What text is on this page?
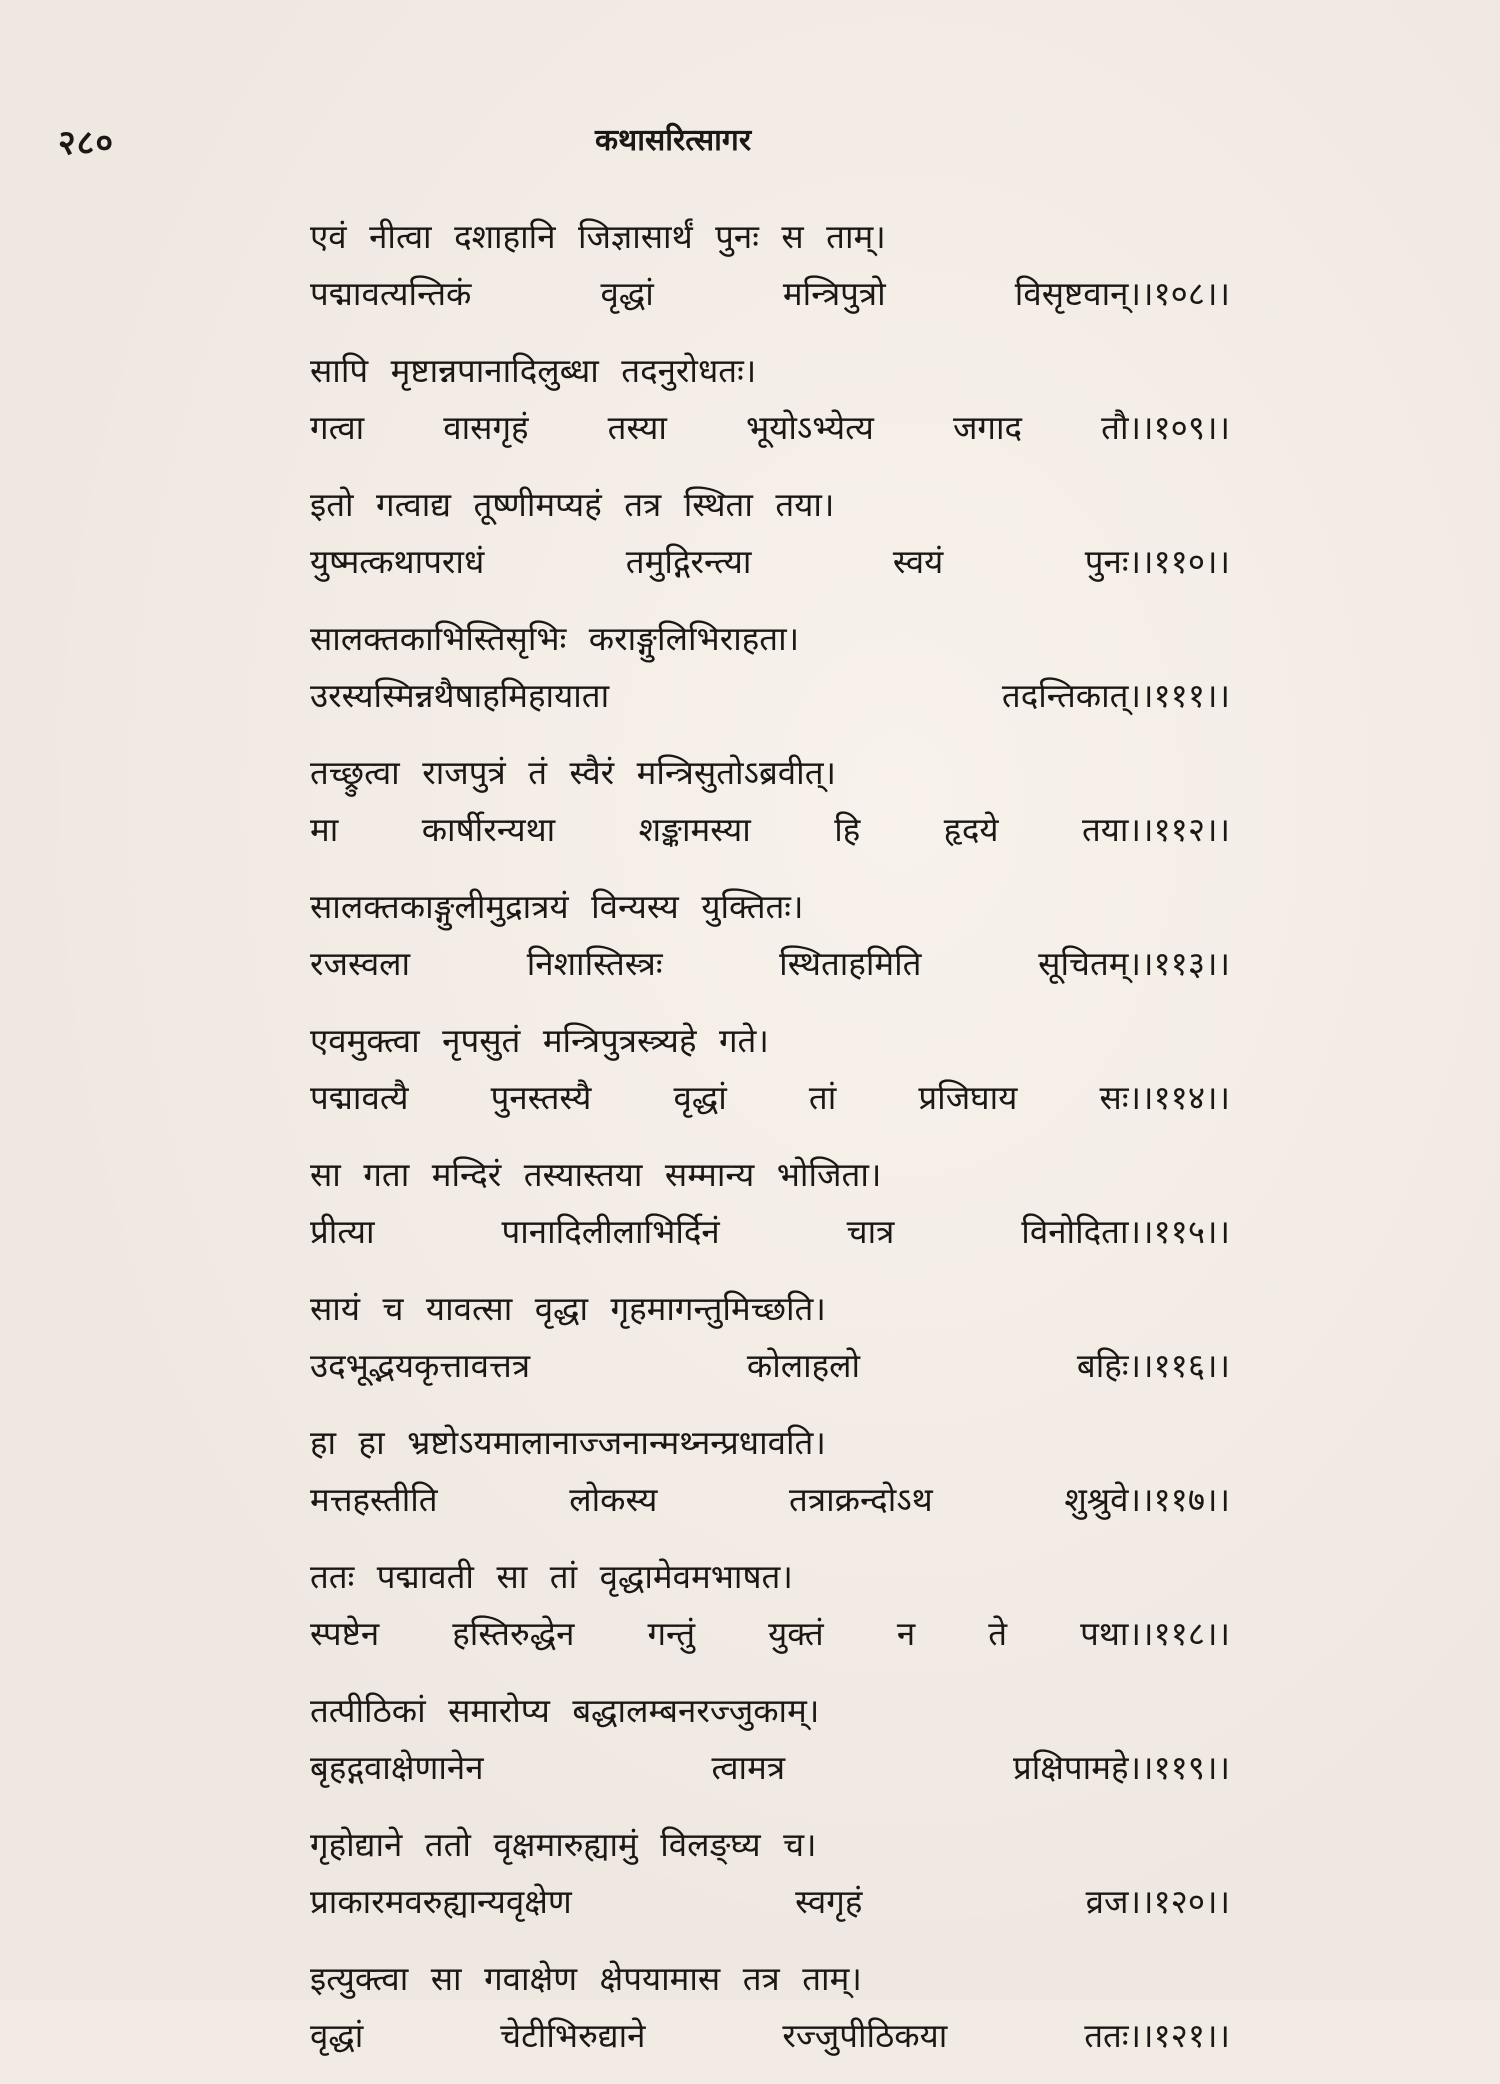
२८०	कथासरित्सागर
एवं नीत्वा दशाहानि जिज्ञासार्थं पुनः स ताम्।
पद्मावत्यन्तिकं वृद्धां मन्त्रिपुत्रो विसृष्टवान्।।१०८।।
सापि मृष्टान्नपानादिलुब्धा तदनुरोधतः।
गत्वा वासगृहं तस्या भूयोऽभ्येत्य जगाद तौ।।१०९।।
इतो गत्वाद्य तूष्णीमप्यहं तत्र स्थिता तया।
युष्मत्कथापराधं तमुद्गिरन्त्या स्वयं पुनः।।११०।।
सालक्तकाभिस्तिसृभिः कराङ्गुलिभिराहता।
उरस्यस्मिन्नथैषाहमिहायाता तदन्तिकात्।।१११।।
तच्छ्रुत्वा राजपुत्रं तं स्वैरं मन्त्रिसुतोऽब्रवीत्।
मा कार्षीरन्यथा शङ्कामस्या हि हृदये तया।।११२।।
सालक्तकाङ्गुलीमुद्रात्रयं विन्यस्य युक्तितः।
रजस्वला निशास्तिस्त्रः स्थिताहमिति सूचितम्।।११३।।
एवमुक्त्वा नृपसुतं मन्त्रिपुत्रस्त्र्यहे गते।
पद्मावत्यै पुनस्तस्यै वृद्धां तां प्रजिघाय सः।।११४।।
सा गता मन्दिरं तस्यास्तया सम्मान्य भोजिता।
प्रीत्या पानादिलीलाभिर्दिनं चात्र विनोदिता।।११५।।
सायं च यावत्सा वृद्धा गृहमागन्तुमिच्छति।
उदभूद्भयकृत्तावत्तत्र कोलाहलो बहिः।।११६।।
हा हा भ्रष्टोऽयमालानाज्जनान्मथ्नन्प्रधावति।
मत्तहस्तीति लोकस्य तत्राक्रन्दोऽथ शुश्रुवे।।११७।।
ततः पद्मावती सा तां वृद्धामेवमभाषत।
स्पष्टेन हस्तिरुद्धेन गन्तुं युक्तं न ते पथा।।११८।।
तत्पीठिकां समारोप्य बद्धालम्बनरज्जुकाम्।
बृहद्गवाक्षेणानेन त्वामत्र प्रक्षिपामहे।।११९।।
गृहोद्याने ततो वृक्षमारुह्यामुं विलङ्घ्य च।
प्राकारमवरुह्यान्यवृक्षेण स्वगृहं व्रज।।१२०।।
इत्युक्त्वा सा गवाक्षेण क्षेपयामास तत्र ताम्।
वृद्धां चेटीभिरुद्याने रज्जुपीठिकया ततः।।१२१।।
